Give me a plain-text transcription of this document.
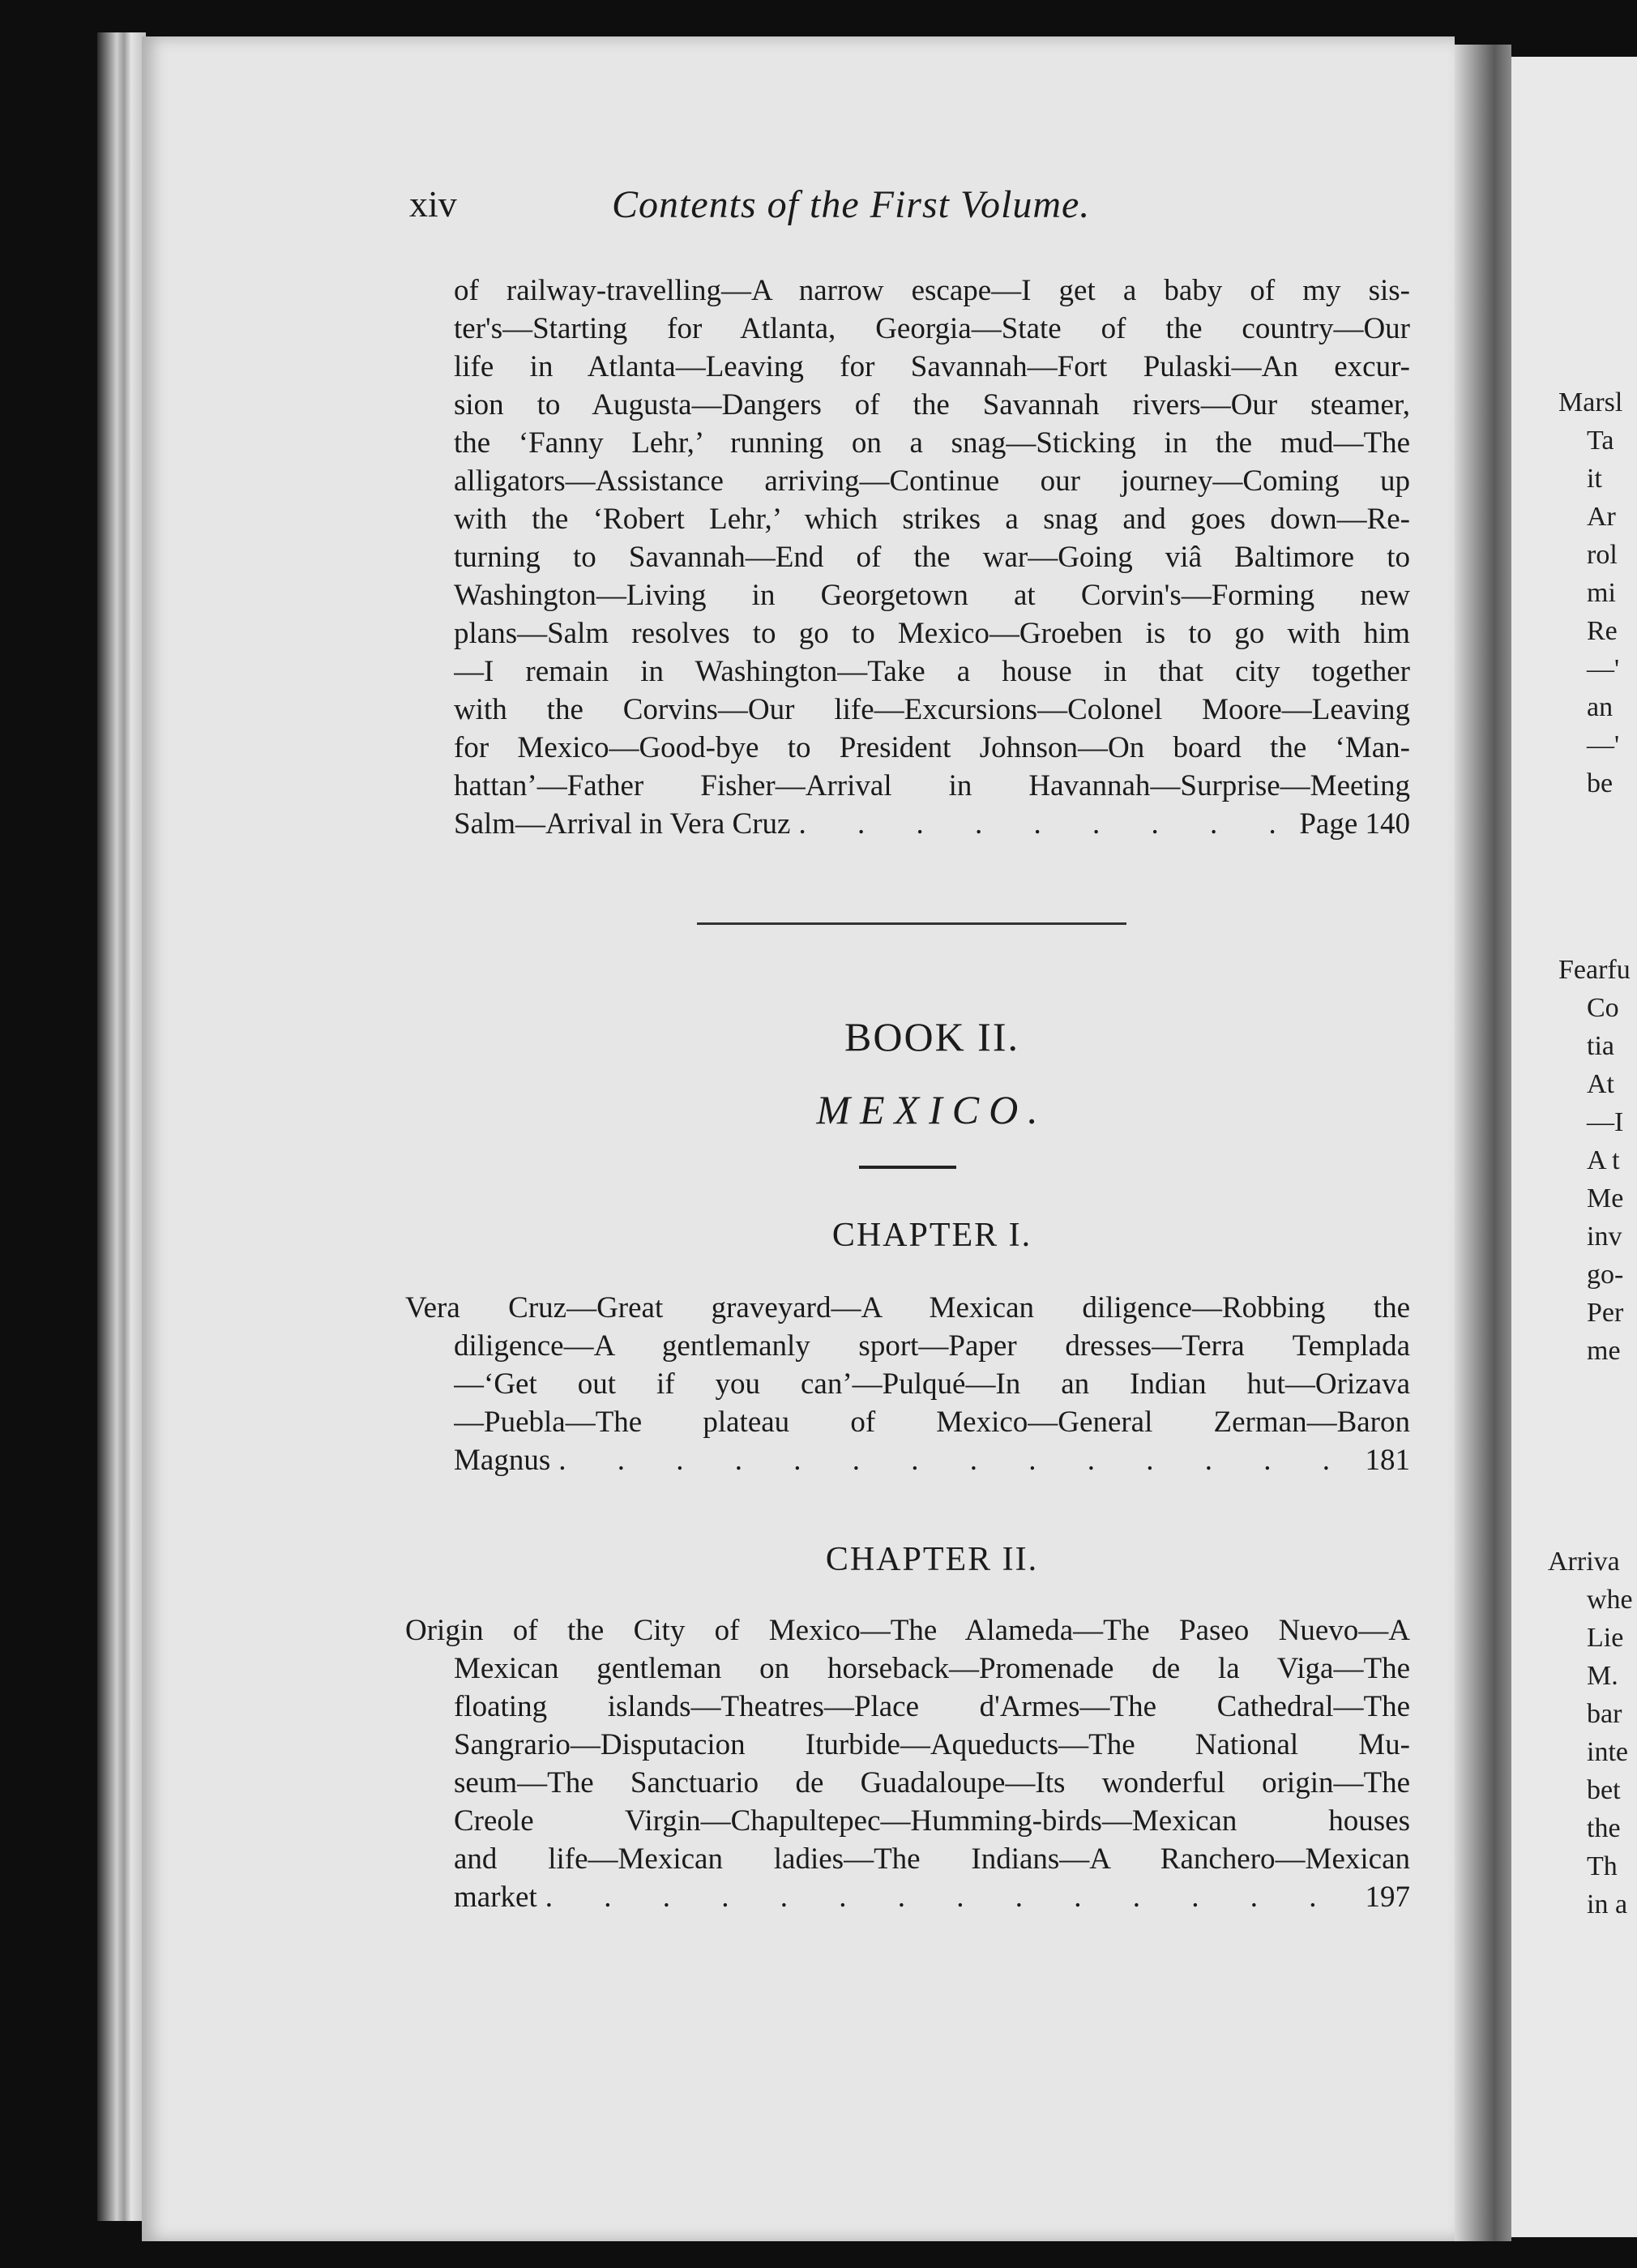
xiv	Contents of the First Volume.
of railway-travelling—A narrow escape—I get a baby of my sis-
ter's—Starting for Atlanta, Georgia—State of the country—Our
life in Atlanta—Leaving for Savannah—Fort Pulaski—An excur-
sion to Augusta—Dangers of the Savannah rivers—Our steamer,
the ‘Fanny Lehr,’ running on a snag—Sticking in the mud—The
alligators—Assistance arriving—Continue our journey—Coming up
with the ‘Robert Lehr,’ which strikes a snag and goes down—Re-
turning to Savannah—End of the war—Going viâ Baltimore to
Washington—Living in Georgetown at Corvin's—Forming new
plans—Salm resolves to go to Mexico—Groeben is to go with him
—I remain in Washington—Take a house in that city together
with the Corvins—Our life—Excursions—Colonel Moore—Leaving
for Mexico—Good-bye to President Johnson—On board the ‘Man-
hattan’—Father Fisher—Arrival in Havannah—Surprise—Meeting
Salm—Arrival in Vera Cruz . . .	Page 140
BOOK II.
MEXICO.
CHAPTER I.
Vera Cruz—Great graveyard—A Mexican diligence—Robbing the
diligence—A gentlemanly sport—Paper dresses—Terra Templada
—‘Get out if you can’—Pulqué—In an Indian hut—Orizava
—Puebla—The plateau of Mexico—General Zerman—Baron
Magnus . . .	181
CHAPTER II.
Origin of the City of Mexico—The Alameda—The Paseo Nuevo—A
Mexican gentleman on horseback—Promenade de la Viga—The
floating islands—Theatres—Place d'Armes—The Cathedral—The
Sangrario—Disputacion Iturbide—Aqueducts—The National Mu-
seum—The Sanctuario de Guadaloupe—Its wonderful origin—The
Creole Virgin—Chapultepec—Humming-birds—Mexican houses
and life—Mexican ladies—The Indians—A Ranchero—Mexican
market . . .	197
Marsl
Ta
it
Ar
rol
mi
Re
—'
an
—'
be
Fearfu
Co
tia
At
—I
A t
Me
inv
go-
Per
me
Arriva
whe
Lie
M.
bar
inte
bet
the
Th
in a
